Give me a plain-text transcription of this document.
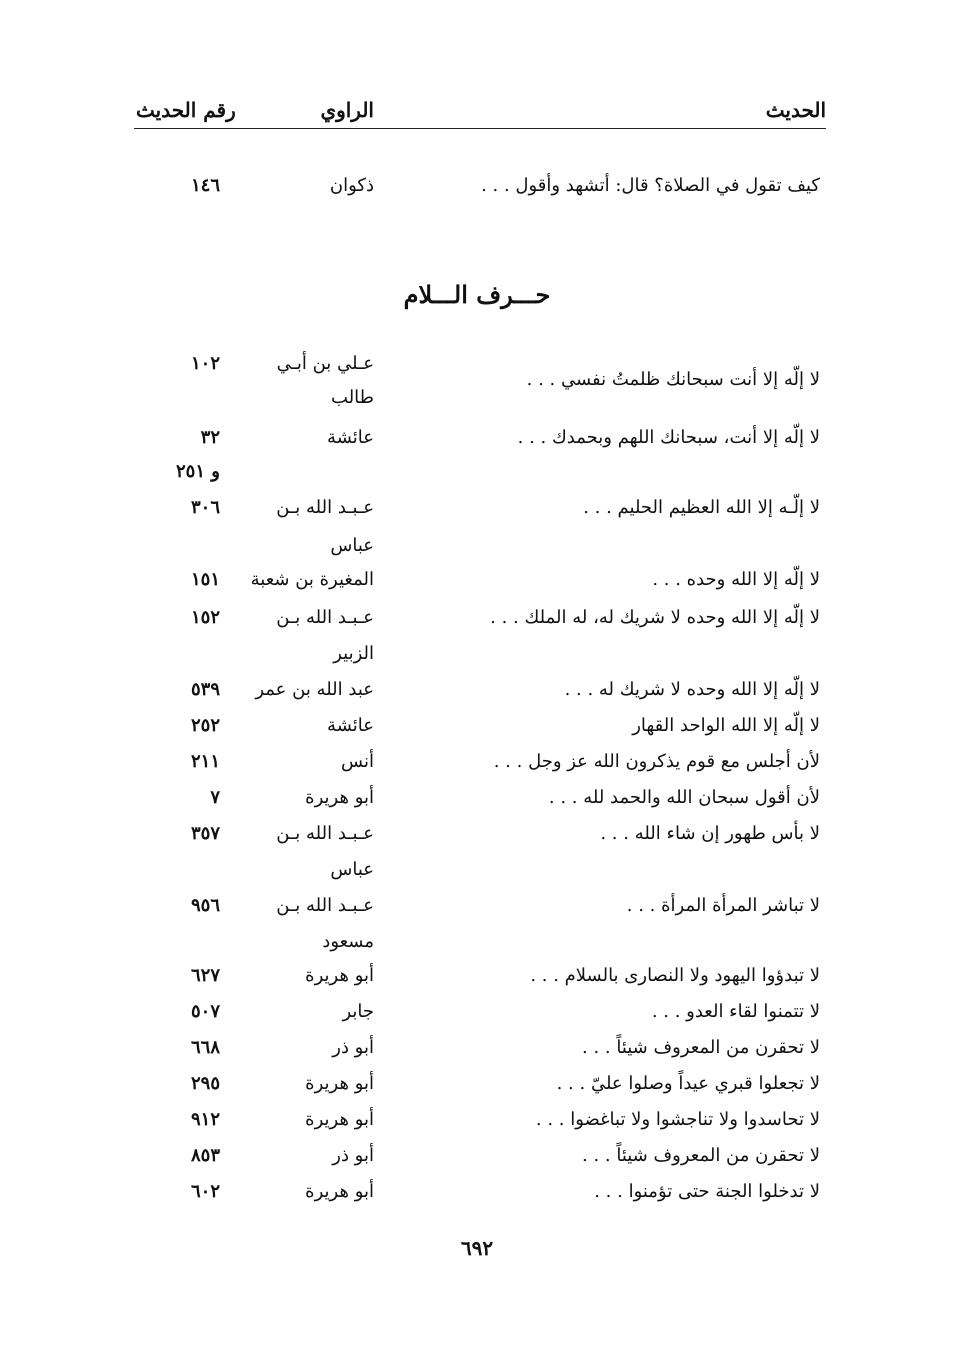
الحديث
الراوي
رقم الحديث
كيف تقول في الصلاة؟ قال: أتشهد وأقول . . .
ذكوان
١٤٦
حـــرف الـــلام
لا إلّه إلا أنت سبحانك ظلمتُ نفسي . . .
عـلي بن أبـي
طالب
١٠٢
لا إلّه إلا أنت، سبحانك اللهم وبحمدك . . .
عائشة
٣٢
و ٢٥١
لا إلّـه إلا الله العظيم الحليم . . .
عـبـد الله بـن
عباس
٣٠٦
لا إلّه إلا الله وحده . . .
المغيرة بن شعبة
١٥١
لا إلّه إلا الله وحده لا شريك له، له الملك . . .
عـبـد الله بـن
الزبير
١٥٢
لا إلّه إلا الله وحده لا شريك له . . .
عبد الله بن عمر
٥٣٩
لا إلّه إلا الله الواحد القهار
عائشة
٢٥٢
لأن أجلس مع قوم يذكرون الله عز وجل . . .
أنس
٢١١
لأن أقول سبحان الله والحمد لله . . .
أبو هريرة
٧
لا بأس طهور إن شاء الله . . .
عـبـد الله بـن
عباس
٣٥٧
لا تباشر المرأة المرأة . . .
عـبـد الله بـن
مسعود
٩٥٦
لا تبدؤوا اليهود ولا النصارى بالسلام . . .
أبو هريرة
٦٢٧
لا تتمنوا لقاء العدو . . .
جابر
٥٠٧
لا تحقرن من المعروف شيئاً . . .
أبو ذر
٦٦٨
لا تجعلوا قبري عيداً وصلوا عليّ . . .
أبو هريرة
٢٩٥
لا تحاسدوا ولا تناجشوا ولا تباغضوا . . .
أبو هريرة
٩١٢
لا تحقرن من المعروف شيئاً . . .
أبو ذر
٨٥٣
لا تدخلوا الجنة حتى تؤمنوا . . .
أبو هريرة
٦٠٢
٦٩٢
